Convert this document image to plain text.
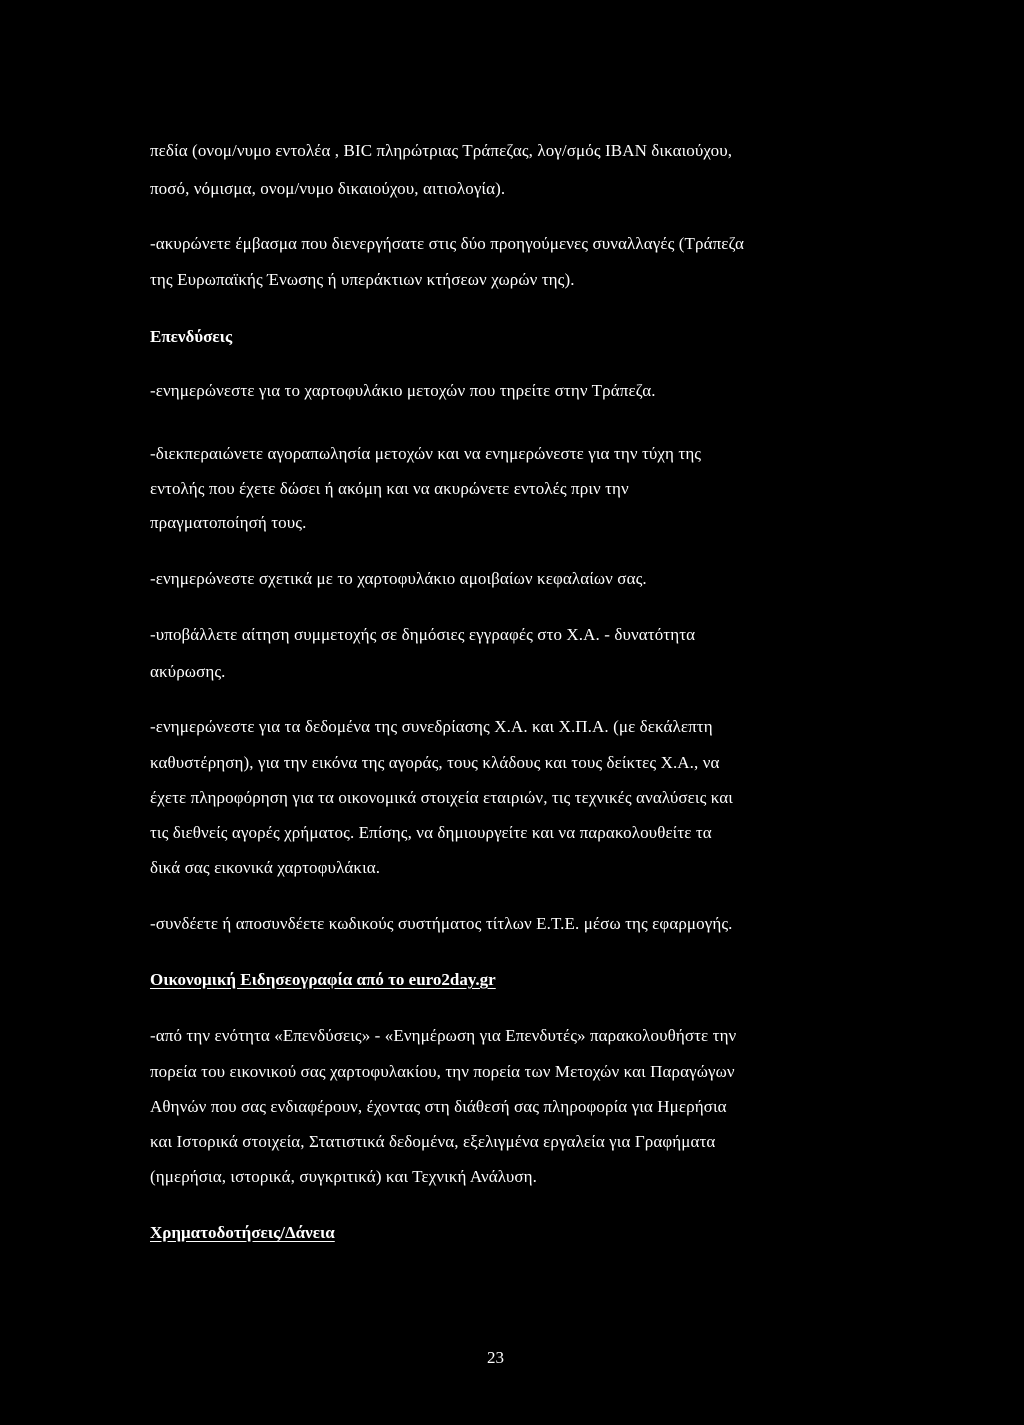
πεδία (ονομ/νυμο εντολέα , BIC πληρώτριας Τράπεζας, λογ/σμός IBAN δικαιούχου,
ποσό, νόμισμα, ονομ/νυμο δικαιούχου, αιτιολογία).
-ακυρώνετε έμβασμα που διενεργήσατε στις δύο προηγούμενες συναλλαγές (Τράπεζα
της Ευρωπαϊκής Ένωσης ή υπεράκτιων κτήσεων χωρών της).
Επενδύσεις
-ενημερώνεστε για το χαρτοφυλάκιο μετοχών που τηρείτε στην Τράπεζα.
-διεκπεραιώνετε αγοραπωλησία μετοχών και να ενημερώνεστε για την τύχη της
εντολής που έχετε δώσει ή ακόμη και να ακυρώνετε εντολές πριν την
πραγματοποίησή τους.
-ενημερώνεστε σχετικά με το χαρτοφυλάκιο αμοιβαίων κεφαλαίων σας.
-υποβάλλετε αίτηση συμμετοχής σε δημόσιες εγγραφές στο Χ.Α. - δυνατότητα
ακύρωσης.
-ενημερώνεστε για τα δεδομένα της συνεδρίασης Χ.Α. και Χ.Π.Α. (με δεκάλεπτη
καθυστέρηση), για την εικόνα της αγοράς, τους κλάδους και τους δείκτες Χ.Α., να
έχετε πληροφόρηση για τα οικονομικά στοιχεία εταιριών, τις τεχνικές αναλύσεις και
τις διεθνείς αγορές χρήματος. Επίσης, να δημιουργείτε και να παρακολουθείτε τα
δικά σας εικονικά χαρτοφυλάκια.
-συνδέετε ή αποσυνδέετε κωδικούς συστήματος τίτλων Ε.Τ.Ε. μέσω της εφαρμογής.
Οικονομική Ειδησεογραφία από το euro2day.gr
-από την ενότητα «Επενδύσεις» - «Ενημέρωση για Επενδυτές» παρακολουθήστε την
πορεία του εικονικού σας χαρτοφυλακίου, την πορεία των Μετοχών και Παραγώγων
Αθηνών που σας ενδιαφέρουν, έχοντας στη διάθεσή σας πληροφορία για Ημερήσια
και Ιστορικά στοιχεία, Στατιστικά δεδομένα, εξελιγμένα εργαλεία για Γραφήματα
(ημερήσια, ιστορικά, συγκριτικά) και Τεχνική Ανάλυση.
Χρηματοδοτήσεις/Δάνεια
23
